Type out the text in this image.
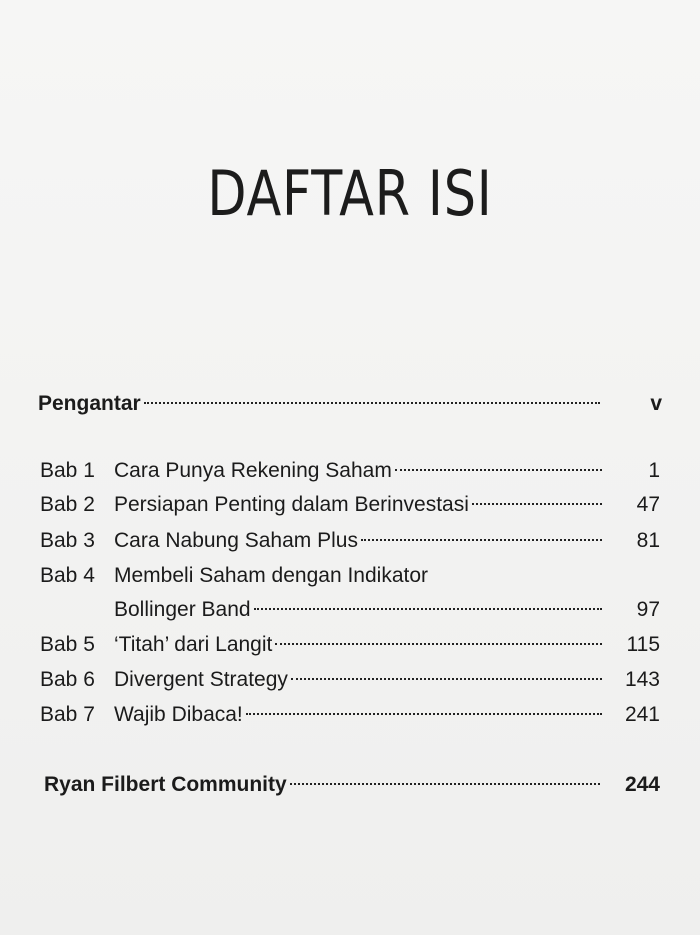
DAFTAR ISI
Pengantar	v
Bab 1 Cara Punya Rekening Saham	1
Bab 2 Persiapan Penting dalam Berinvestasi	47
Bab 3 Cara Nabung Saham Plus	81
Bab 4 Membeli Saham dengan Indikator
Bollinger Band	97
Bab 5 ‘Titah’ dari Langit	115
Bab 6 Divergent Strategy	143
Bab 7 Wajib Dibaca!	241
Ryan Filbert Community	244
